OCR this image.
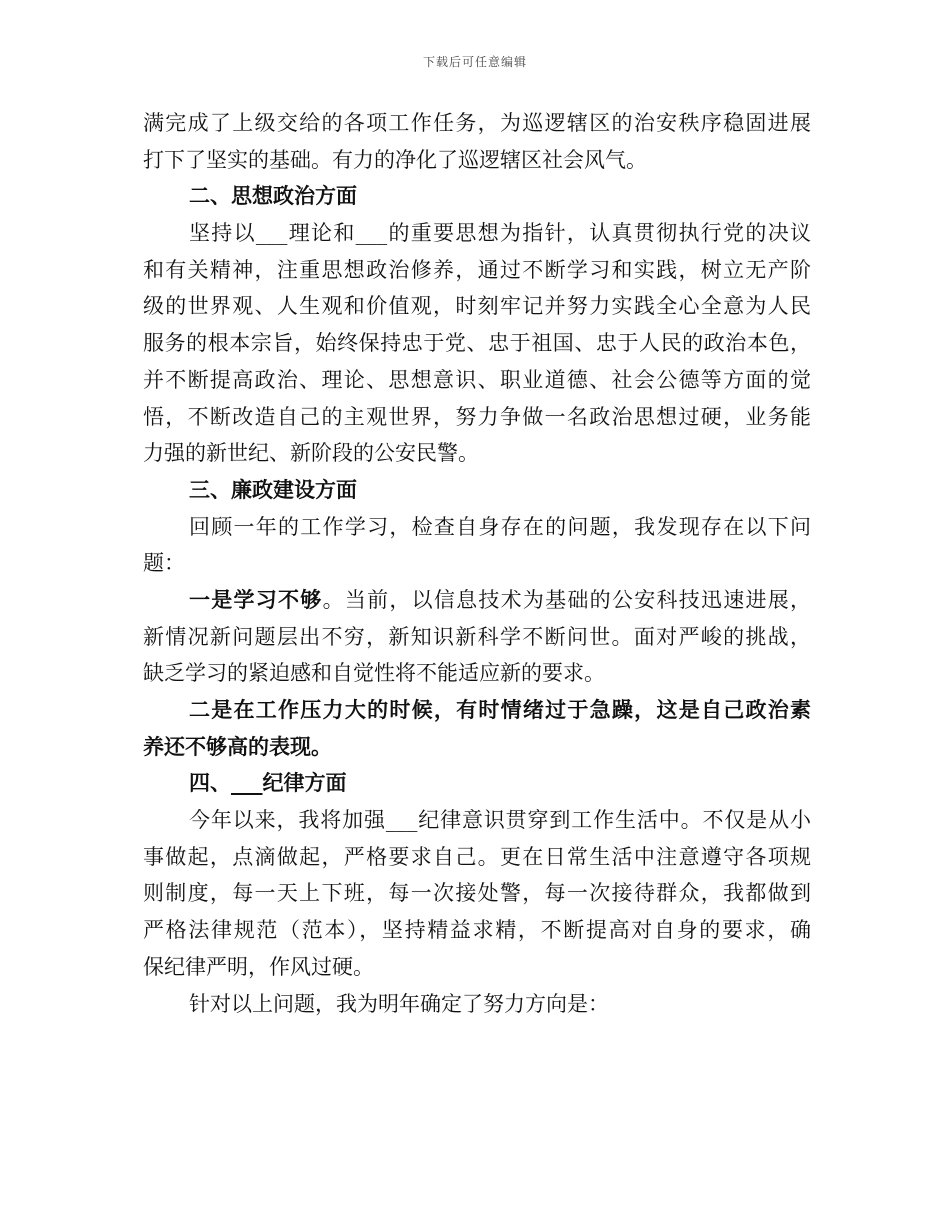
下载后可任意编辑
满完成了上级交给的各项工作任务，为巡逻辖区的治安秩序稳固进展
打下了坚实的基础。有力的净化了巡逻辖区社会风气。
二、思想政治方面
坚持以___理论和___的重要思想为指针，认真贯彻执行党的决议
和有关精神，注重思想政治修养，通过不断学习和实践，树立无产阶
级的世界观、人生观和价值观，时刻牢记并努力实践全心全意为人民
服务的根本宗旨，始终保持忠于党、忠于祖国、忠于人民的政治本色，
并不断提高政治、理论、思想意识、职业道德、社会公德等方面的觉
悟，不断改造自己的主观世界，努力争做一名政治思想过硬，业务能
力强的新世纪、新阶段的公安民警。
三、廉政建设方面
回顾一年的工作学习，检查自身存在的问题，我发现存在以下问
题：
一是学习不够。当前，以信息技术为基础的公安科技迅速进展，
新情况新问题层出不穷，新知识新科学不断问世。面对严峻的挑战，
缺乏学习的紧迫感和自觉性将不能适应新的要求。
二是在工作压力大的时候，有时情绪过于急躁，这是自己政治素
养还不够高的表现。
四、___纪律方面
今年以来，我将加强___纪律意识贯穿到工作生活中。不仅是从小
事做起，点滴做起，严格要求自己。更在日常生活中注意遵守各项规
则制度，每一天上下班，每一次接处警，每一次接待群众，我都做到
严格法律规范（范本），坚持精益求精，不断提高对自身的要求，确
保纪律严明，作风过硬。
针对以上问题，我为明年确定了努力方向是：
